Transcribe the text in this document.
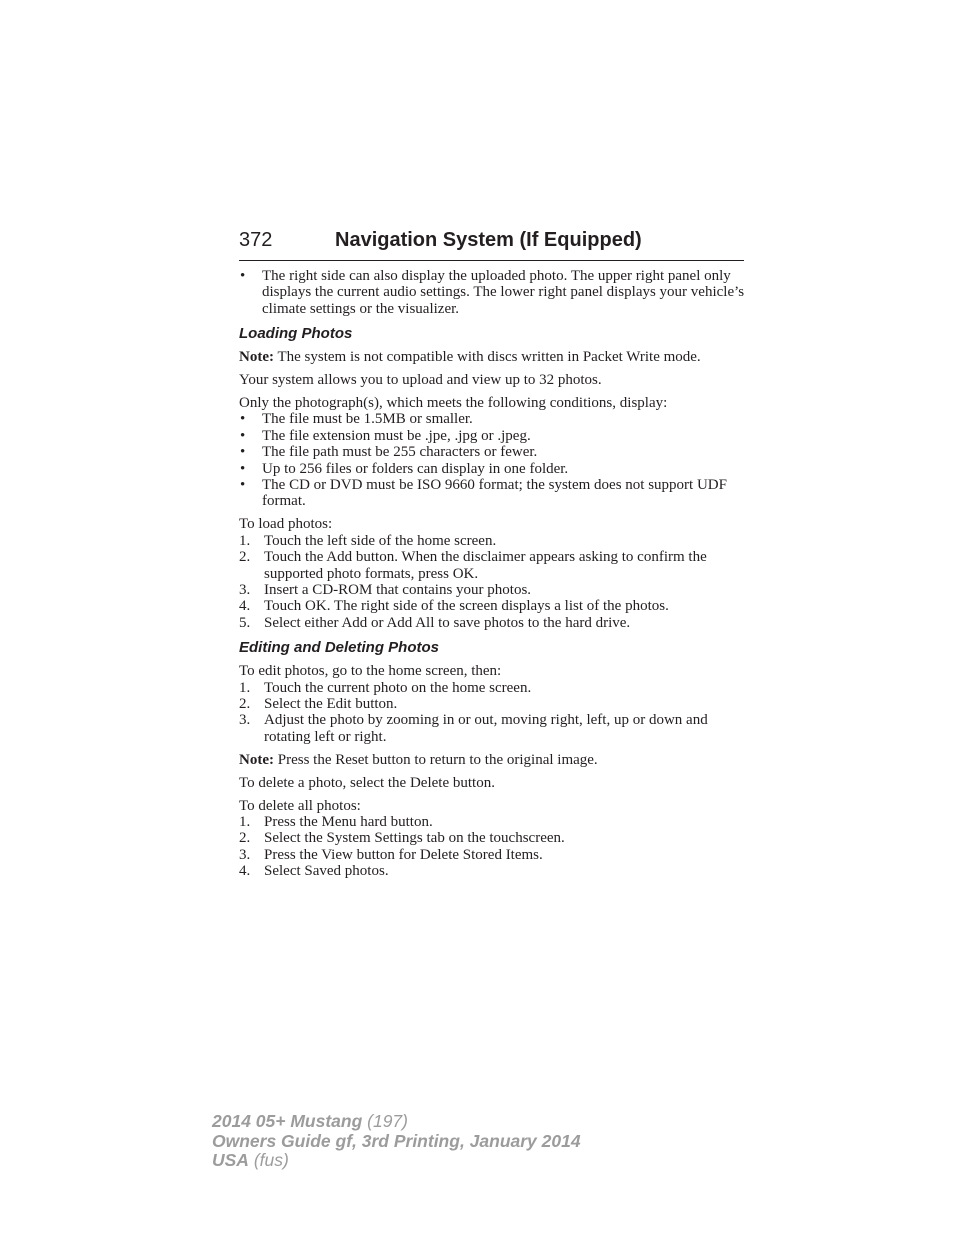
372	Navigation System (If Equipped)
• The right side can also display the uploaded photo. The upper right panel only displays the current audio settings. The lower right panel displays your vehicle’s climate settings or the visualizer.
Loading Photos

Note: The system is not compatible with discs written in Packet Write mode.

Your system allows you to upload and view up to 32 photos.

Only the photograph(s), which meets the following conditions, display:

• The file must be 1.5MB or smaller.
• The file extension must be .jpe, .jpg or .jpeg.
• The file path must be 255 characters or fewer.
• Up to 256 files or folders can display in one folder.
• The CD or DVD must be ISO 9660 format; the system does not support UDF format.

To load photos:

1. Touch the left side of the home screen.
2. Touch the Add button. When the disclaimer appears asking to confirm the supported photo formats, press OK.
3. Insert a CD-ROM that contains your photos.
4. Touch OK. The right side of the screen displays a list of the photos.
5. Select either Add or Add All to save photos to the hard drive.
Editing and Deleting Photos

To edit photos, go to the home screen, then:

1. Touch the current photo on the home screen.
2. Select the Edit button.
3. Adjust the photo by zooming in or out, moving right, left, up or down and rotating left or right.

Note: Press the Reset button to return to the original image.

To delete a photo, select the Delete button.

To delete all photos:

1. Press the Menu hard button.
2. Select the System Settings tab on the touchscreen.
3. Press the View button for Delete Stored Items.
4. Select Saved photos.
2014 05+ Mustang (197)
Owners Guide gf, 3rd Printing, January 2014
USA (fus)
